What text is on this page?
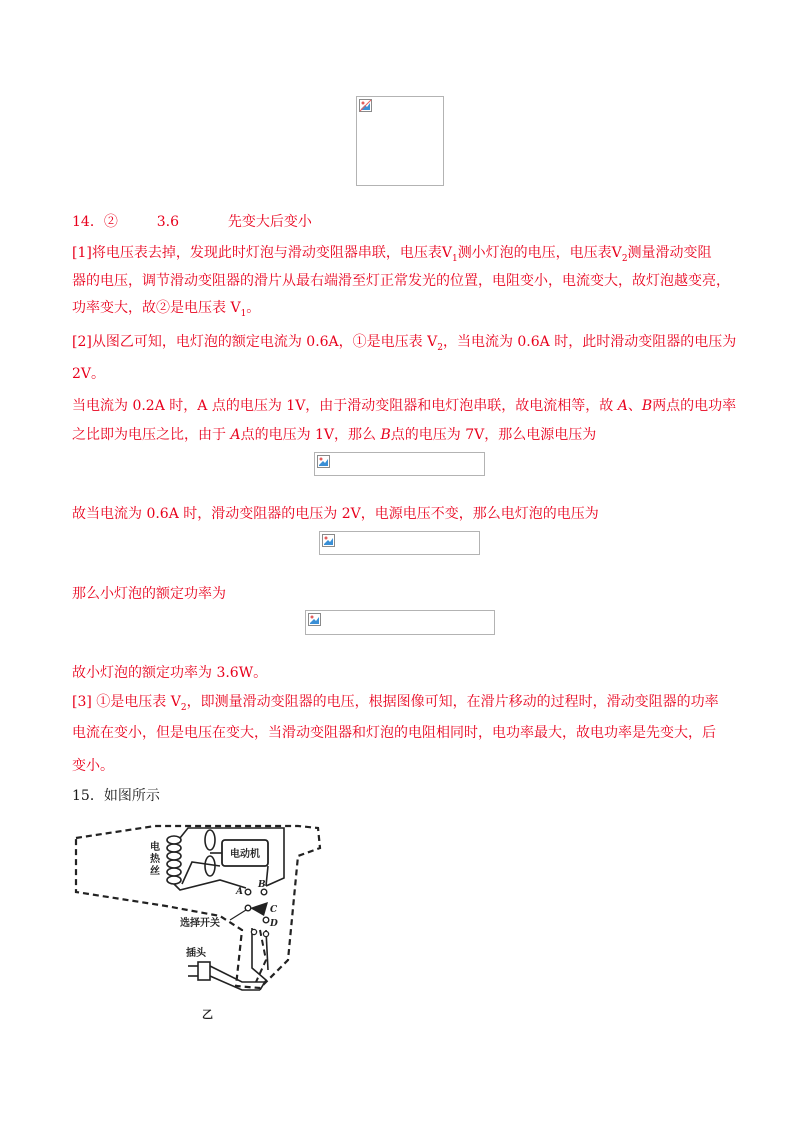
14．②	3.6	先变大后变小
[1]将电压表去掉，发现此时灯泡与滑动变阻器串联，电压表$V_1$测小灯泡的电压，电压表$V_2$测量滑动变阻
器的电压，调节滑动变阻器的滑片从最右端滑至灯正常发光的位置，电阻变小，电流变大，故灯泡越变亮，
功率变大，故②是电压表 $V_1$。
[2]从图乙可知，电灯泡的额定电流为 0.6A，①是电压表 $V_2$，当电流为 0.6A 时，此时滑动变阻器的电压为
2V。
当电流为 0.2A 时，A 点的电压为 1V，由于滑动变阻器和电灯泡串联，故电流相等，故 A、B两点的电功率
之比即为电压之比，由于 A点的电压为 1V，那么 B点的电压为 7V，那么电源电压为
故当电流为 0.6A 时，滑动变阻器的电压为 2V，电源电压不变，那么电灯泡的电压为
那么小灯泡的额定功率为
故小灯泡的额定功率为 3.6W。
[3] ①是电压表 $V_2$，即测量滑动变阻器的电压，根据图像可知，在滑片移动的过程时，滑动变阻器的功率
电流在变小，但是电压在变大，当滑动变阻器和灯泡的电阻相同时，电功率最大，故电功率是先变大，后
变小。
15．如图所示
电 热 丝
电动机
A
B
C
D
选择开关
插头
乙
